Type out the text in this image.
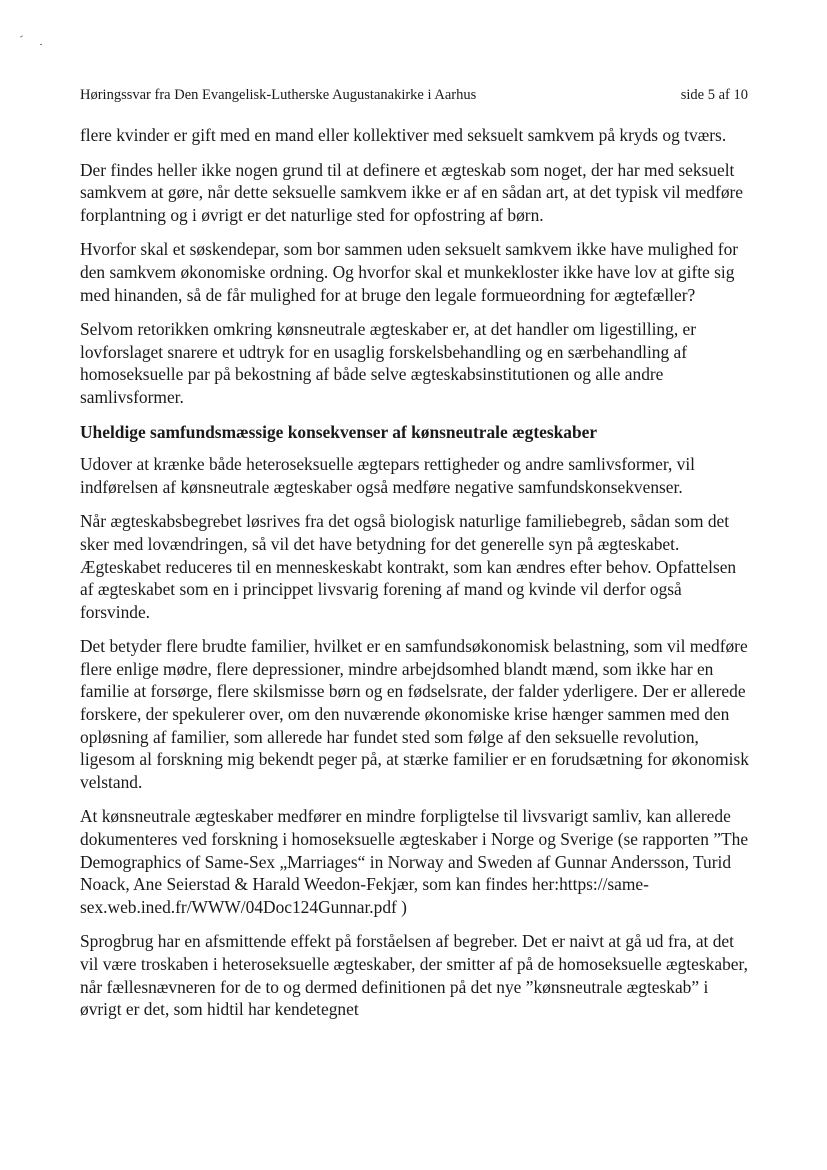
Høringssvar fra Den Evangelisk-Lutherske Augustanakirke i Aarhus	side 5 af 10

flere kvinder er gift med en mand eller kollektiver med seksuelt samkvem på kryds og tværs.

Der findes heller ikke nogen grund til at definere et ægteskab som noget, der har med seksuelt samkvem at gøre, når dette seksuelle samkvem ikke er af en sådan art, at det typisk vil medføre forplantning og i øvrigt er det naturlige sted for opfostring af børn.

Hvorfor skal et søskendepar, som bor sammen uden seksuelt samkvem ikke have mulighed for den samkvem økonomiske ordning. Og hvorfor skal et munkekloster ikke have lov at gifte sig med hinanden, så de får mulighed for at bruge den legale formueordning for ægtefæller?

Selvom retorikken omkring kønsneutrale ægteskaber er, at det handler om ligestilling, er lovforslaget snarere et udtryk for en usaglig forskelsbehandling og en særbehandling af homoseksuelle par på bekostning af både selve ægteskabsinstitutionen og alle andre samlivsformer.

Uheldige samfundsmæssige konsekvenser af kønsneutrale ægteskaber

Udover at krænke både heteroseksuelle ægtepars rettigheder og andre samlivsformer, vil indførelsen af kønsneutrale ægteskaber også medføre negative samfundskonsekvenser.

Når ægteskabsbegrebet løsrives fra det også biologisk naturlige familiebegreb, sådan som det sker med lovændringen, så vil det have betydning for det generelle syn på ægteskabet. Ægteskabet reduceres til en menneskeskabt kontrakt, som kan ændres efter behov. Opfattelsen af ægteskabet som en i princippet livsvarig forening af mand og kvinde vil derfor også forsvinde.

Det betyder flere brudte familier, hvilket er en samfundsøkonomisk belastning, som vil medføre flere enlige mødre, flere depressioner, mindre arbejdsomhed blandt mænd, som ikke har en familie at forsørge, flere skilsmisse børn og en fødselsrate, der falder yderligere. Der er allerede forskere, der spekulerer over, om den nuværende økonomiske krise hænger sammen med den opløsning af familier, som allerede har fundet sted som følge af den seksuelle revolution, ligesom al forskning mig bekendt peger på, at stærke familier er en forudsætning for økonomisk velstand.

At kønsneutrale ægteskaber medfører en mindre forpligtelse til livsvarigt samliv, kan allerede dokumenteres ved forskning i homoseksuelle ægteskaber i Norge og Sverige (se rapporten ”The Demographics of Same-Sex „Marriages“ in Norway and Sweden af Gunnar Andersson, Turid Noack, Ane Seierstad & Harald Weedon-Fekjær, som kan findes her:https://same-sex.web.ined.fr/WWW/04Doc124Gunnar.pdf )

Sprogbrug har en afsmittende effekt på forståelsen af begreber. Det er naivt at gå ud fra, at det vil være troskaben i heteroseksuelle ægteskaber, der smitter af på de homoseksuelle ægteskaber, når fællesnævneren for de to og dermed definitionen på det nye ”kønsneutrale ægteskab” i øvrigt er det, som hidtil har kendetegnet
